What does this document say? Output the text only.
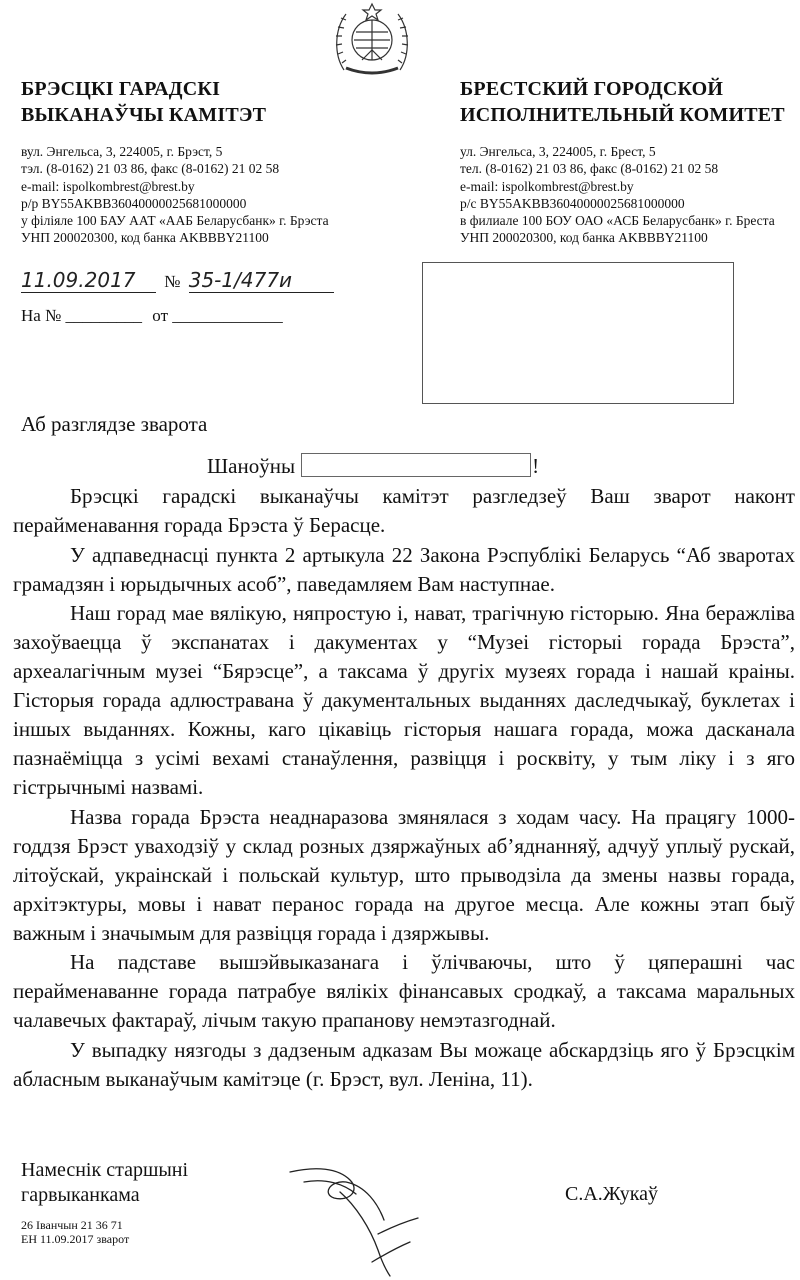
БРЭСЦКІ ГАРАДСКІ
ВЫКАНАЎЧЫ КАМІТЭТ
БРЕСТСКИЙ ГОРОДСКОЙ
ИСПОЛНИТЕЛЬНЫЙ КОМИТЕТ
вул. Энгельса, 3, 224005, г. Брэст, 5
тэл. (8-0162) 21 03 86, факс (8-0162) 21 02 58
e-mail: ispolkombrest@brest.by
р/р BY55AKBB36040000025681000000
у філіяле 100 БАУ ААТ «ААБ Беларусбанк» г. Брэста
УНП 200020300, код банка AKBBBY21100
ул. Энгельса, 3, 224005, г. Брест, 5
тел. (8-0162) 21 03 86, факс (8-0162) 21 02 58
e-mail: ispolkombrest@brest.by
р/с BY55AKBB36040000025681000000
в филиале 100 БОУ ОАО «АСБ Беларусбанк» г. Бреста
УНП 200020300, код банка AKBBBY21100
11.09.2017 № 35-1/477и
На № _________ от _____________
Аб разглядзе зварота
Шаноўны	!

Брэсцкі гарадскі выканаўчы камітэт разгледзеў Ваш зварот наконт перайменавання горада Брэста ў Берасце.

У адпаведнасці пункта 2 артыкула 22 Закона Рэспублікі Беларусь “Аб зваротах грамадзян і юрыдычных асоб”, паведамляем Вам наступнае.

Наш горад мае вялікую, няпростую і, нават, трагічную гісторыю. Яна беражліва захоўваецца ў экспанатах і дакументах у “Музеі гісторыі горада Брэста”, археалагічным музеі “Бярэсце”, а таксама ў другіх музеях горада і нашай краіны. Гісторыя горада адлюстравана ў дакументальных выданнях даследчыкаў, буклетах і іншых выданнях. Кожны, каго цікавіць гісторыя нашага горада, можа дасканала пазнаёміцца з усімі вехамі станаўлення, развіцця і росквіту, у тым ліку і з яго гістрычнымі назвамі.

Назва горада Брэста неаднаразова змянялася з ходам часу. На працягу 1000-годдзя Брэст уваходзіў у склад розных дзяржаўных аб’яднанняў, адчуў уплыў рускай, літоўскай, украінскай і польскай культур, што прыводзіла да змены назвы горада, архітэктуры, мовы і нават перанос горада на другое месца. Але кожны этап быў важным і значымым для развіцця горада і дзяржывы.

На падставе вышэйвыказанага і ўлічваючы, што ў цяперашні час перайменаванне горада патрабуе вялікіх фінансавых сродкаў, а таксама маральных чалавечых фактараў, лічым такую прапанову немэтазгоднай.

У выпадку нязгоды з дадзеным адказам Вы можаце абскардзіць яго ў Брэсцкім абласным выканаўчым камітэце (г. Брэст, вул. Леніна, 11).

Намеснік старшыні
гарвыканкама	С.А.Жукаў
26 Іванчын 21 36 71
ЕН 11.09.2017 зварот
